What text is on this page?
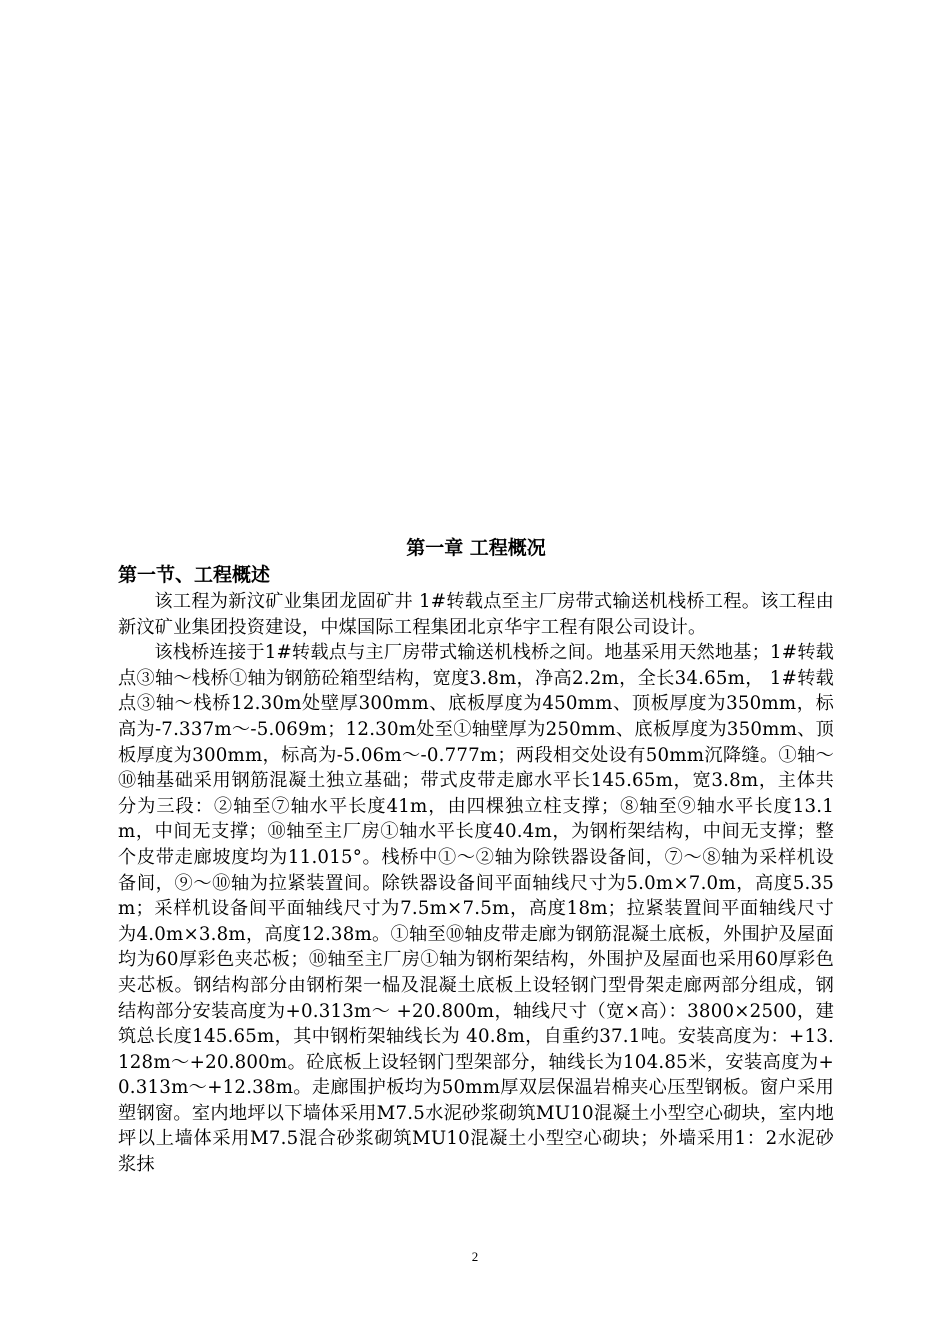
第一章 工程概况
第一节、工程概述

该工程为新汶矿业集团龙固矿井 1#转载点至主厂房带式输送机栈桥工程。该工程由新汶矿业集团投资建设，中煤国际工程集团北京华宇工程有限公司设计。

该栈桥连接于1#转载点与主厂房带式输送机栈桥之间。地基采用天然地基；1#转载点③轴～栈桥①轴为钢筋砼箱型结构，宽度3.8m，净高2.2m，全长34.65m， 1#转载点③轴～栈桥12.30m处壁厚300mm、底板厚度为450mm、顶板厚度为350mm，标高为-7.337m～-5.069m；12.30m处至①轴壁厚为250mm、底板厚度为350mm、顶板厚度为300mm，标高为-5.06m～-0.777m；两段相交处设有50mm沉降缝。①轴～⑩轴基础采用钢筋混凝土独立基础；带式皮带走廊水平长145.65m，宽3.8m，主体共分为三段：②轴至⑦轴水平长度41m，由四棵独立柱支撑；⑧轴至⑨轴水平长度13.1m，中间无支撑；⑩轴至主厂房①轴水平长度40.4m，为钢桁架结构，中间无支撑；整个皮带走廊坡度均为11.015°。栈桥中①～②轴为除铁器设备间，⑦～⑧轴为采样机设备间，⑨～⑩轴为拉紧装置间。除铁器设备间平面轴线尺寸为5.0m×7.0m，高度5.35m；采样机设备间平面轴线尺寸为7.5m×7.5m，高度18m；拉紧装置间平面轴线尺寸为4.0m×3.8m，高度12.38m。①轴至⑩轴皮带走廊为钢筋混凝土底板，外围护及屋面均为60厚彩色夹芯板；⑩轴至主厂房①轴为钢桁架结构，外围护及屋面也采用60厚彩色夹芯板。钢结构部分由钢桁架一榀及混凝土底板上设轻钢门型骨架走廊两部分组成，钢结构部分安装高度为+0.313m～ +20.800m，轴线尺寸（宽×高）：3800×2500，建筑总长度145.65m，其中钢桁架轴线长为 40.8m，自重约37.1吨。安装高度为：+13.128m～+20.800m。砼底板上设轻钢门型架部分，轴线长为104.85米，安装高度为+0.313m～+12.38m。走廊围护板均为50mm厚双层保温岩棉夹心压型钢板。窗户采用塑钢窗。室内地坪以下墙体采用M7.5水泥砂浆砌筑MU10混凝土小型空心砌块，室内地坪以上墙体采用M7.5混合砂浆砌筑MU10混凝土小型空心砌块；外墙采用1：2水泥砂浆抹

2
